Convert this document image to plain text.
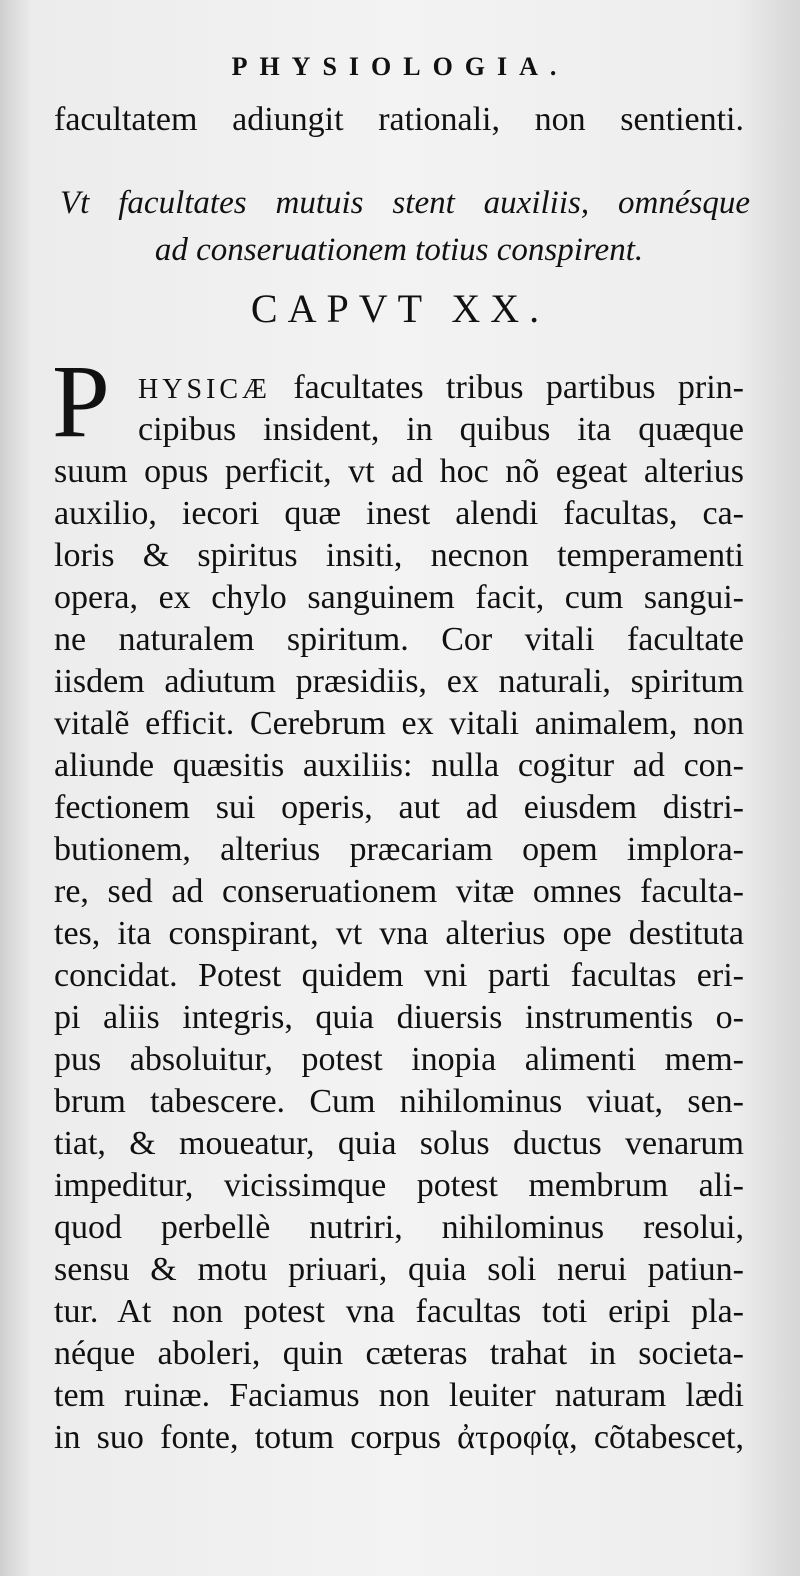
PHYSIOLOGIA.
facultatem adiungit rationali, non sentienti.
Vt facultates mutuis stent auxiliis, omnésque
ad conseruationem totius conspirent.
CAPVT XX.
P HYSICÆ facultates tribus partibus prin-
cipibus insident, in quibus ita quæque
suum opus perficit, vt ad hoc nõ egeat alterius
auxilio, iecori quæ inest alendi facultas, ca-
loris & spiritus insiti, necnon temperamenti
opera, ex chylo sanguinem facit, cum sangui-
ne naturalem spiritum. Cor vitali facultate
iisdem adiutum præsidiis, ex naturali, spiritum
vitalẽ efficit. Cerebrum ex vitali animalem, non
aliunde quæsitis auxiliis: nulla cogitur ad con-
fectionem sui operis, aut ad eiusdem distri-
butionem, alterius præcariam opem implora-
re, sed ad conseruationem vitæ omnes faculta-
tes, ita conspirant, vt vna alterius ope destituta
concidat. Potest quidem vni parti facultas eri-
pi aliis integris, quia diuersis instrumentis o-
pus absoluitur, potest inopia alimenti mem-
brum tabescere. Cum nihilominus viuat, sen-
tiat, & moueatur, quia solus ductus venarum
impeditur, vicissimque potest membrum ali-
quod perbellè nutriri, nihilominus resolui,
sensu & motu priuari, quia soli nerui patiun-
tur. At non potest vna facultas toti eripi pla-
néque aboleri, quin cæteras trahat in societa-
tem ruinæ. Faciamus non leuiter naturam lædi
in suo fonte, totum corpus ἀτροφίᾳ, cõtabescet,
